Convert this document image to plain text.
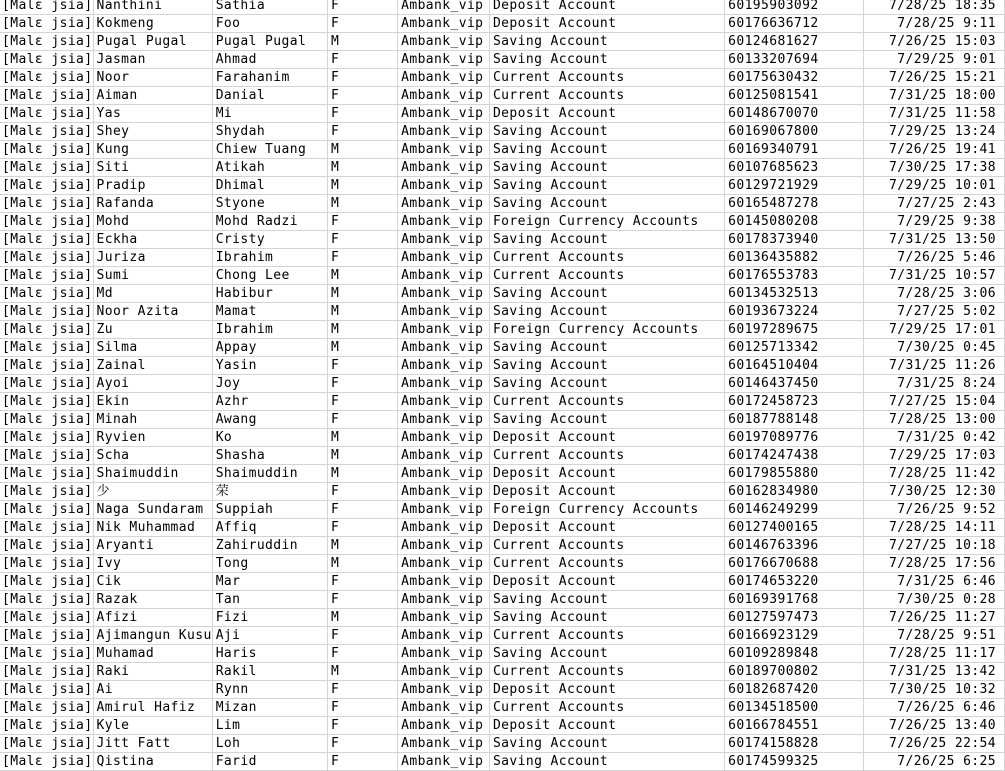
[Malε jsia]	Nanthini	Sathia	F	Ambank_vip	Deposit Account	60195903092	7/28/25 18:35
[Malε jsia]	Kokmeng	Foo	F	Ambank_vip	Deposit Account	60176636712	7/28/25 9:11
[Malε jsia]	Pugal Pugal	Pugal Pugal	M	Ambank_vip	Saving Account	60124681627	7/26/25 15:03
[Malε jsia]	Jasman	Ahmad	F	Ambank_vip	Saving Account	60133207694	7/29/25 9:01
[Malε jsia]	Noor	Farahanim	F	Ambank_vip	Current Accounts	60175630432	7/26/25 15:21
[Malε jsia]	Aiman	Danial	F	Ambank_vip	Current Accounts	60125081541	7/31/25 18:00
[Malε jsia]	Yas	Mi	F	Ambank_vip	Deposit Account	60148670070	7/31/25 11:58
[Malε jsia]	Shey	Shydah	F	Ambank_vip	Saving Account	60169067800	7/29/25 13:24
[Malε jsia]	Kung	Chiew Tuang	M	Ambank_vip	Saving Account	60169340791	7/26/25 19:41
[Malε jsia]	Siti	Atikah	M	Ambank_vip	Saving Account	60107685623	7/30/25 17:38
[Malε jsia]	Pradip	Dhimal	M	Ambank_vip	Saving Account	60129721929	7/29/25 10:01
[Malε jsia]	Rafanda	Styone	M	Ambank_vip	Saving Account	60165487278	7/27/25 2:43
[Malε jsia]	Mohd	Mohd Radzi	F	Ambank_vip	Foreign Currency Accounts	60145080208	7/29/25 9:38
[Malε jsia]	Eckha	Cristy	F	Ambank_vip	Saving Account	60178373940	7/31/25 13:50
[Malε jsia]	Juriza	Ibrahim	F	Ambank_vip	Current Accounts	60136435882	7/26/25 5:46
[Malε jsia]	Sumi	Chong Lee	M	Ambank_vip	Current Accounts	60176553783	7/31/25 10:57
[Malε jsia]	Md	Habibur	M	Ambank_vip	Saving Account	60134532513	7/28/25 3:06
[Malε jsia]	Noor Azita	Mamat	M	Ambank_vip	Saving Account	60193673224	7/27/25 5:02
[Malε jsia]	Zu	Ibrahim	M	Ambank_vip	Foreign Currency Accounts	60197289675	7/29/25 17:01
[Malε jsia]	Silma	Appay	M	Ambank_vip	Saving Account	60125713342	7/30/25 0:45
[Malε jsia]	Zainal	Yasin	F	Ambank_vip	Saving Account	60164510404	7/31/25 11:26
[Malε jsia]	Ayoi	Joy	F	Ambank_vip	Saving Account	60146437450	7/31/25 8:24
[Malε jsia]	Ekin	Azhr	F	Ambank_vip	Current Accounts	60172458723	7/27/25 15:04
[Malε jsia]	Minah	Awang	F	Ambank_vip	Saving Account	60187788148	7/28/25 13:00
[Malε jsia]	Ryvien	Ko	M	Ambank_vip	Deposit Account	60197089776	7/31/25 0:42
[Malε jsia]	Scha	Shasha	M	Ambank_vip	Current Accounts	60174247438	7/29/25 17:03
[Malε jsia]	Shaimuddin	Shaimuddin	M	Ambank_vip	Deposit Account	60179855880	7/28/25 11:42
[Malε jsia]	少	荣	F	Ambank_vip	Deposit Account	60162834980	7/30/25 12:30
[Malε jsia]	Naga Sundaram	Suppiah	F	Ambank_vip	Foreign Currency Accounts	60146249299	7/26/25 9:52
[Malε jsia]	Nik Muhammad	Affiq	F	Ambank_vip	Deposit Account	60127400165	7/28/25 14:11
[Malε jsia]	Aryanti	Zahiruddin	M	Ambank_vip	Current Accounts	60146763396	7/27/25 10:18
[Malε jsia]	Ivy	Tong	M	Ambank_vip	Current Accounts	60176670688	7/28/25 17:56
[Malε jsia]	Cik	Mar	F	Ambank_vip	Deposit Account	60174653220	7/31/25 6:46
[Malε jsia]	Razak	Tan	F	Ambank_vip	Saving Account	60169391768	7/30/25 0:28
[Malε jsia]	Afizi	Fizi	M	Ambank_vip	Saving Account	60127597473	7/26/25 11:27
[Malε jsia]	Ajimangun Kusu	Aji	F	Ambank_vip	Current Accounts	60166923129	7/28/25 9:51
[Malε jsia]	Muhamad	Haris	F	Ambank_vip	Saving Account	60109289848	7/28/25 11:17
[Malε jsia]	Raki	Rakil	M	Ambank_vip	Current Accounts	60189700802	7/31/25 13:42
[Malε jsia]	Ai	Rynn	F	Ambank_vip	Deposit Account	60182687420	7/30/25 10:32
[Malε jsia]	Amirul Hafiz	Mizan	F	Ambank_vip	Current Accounts	60134518500	7/26/25 6:46
[Malε jsia]	Kyle	Lim	F	Ambank_vip	Deposit Account	60166784551	7/26/25 13:40
[Malε jsia]	Jitt Fatt	Loh	F	Ambank_vip	Saving Account	60174158828	7/26/25 22:54
[Malε jsia]	Qistina	Farid	F	Ambank_vip	Saving Account	60174599325	7/26/25 6:25
